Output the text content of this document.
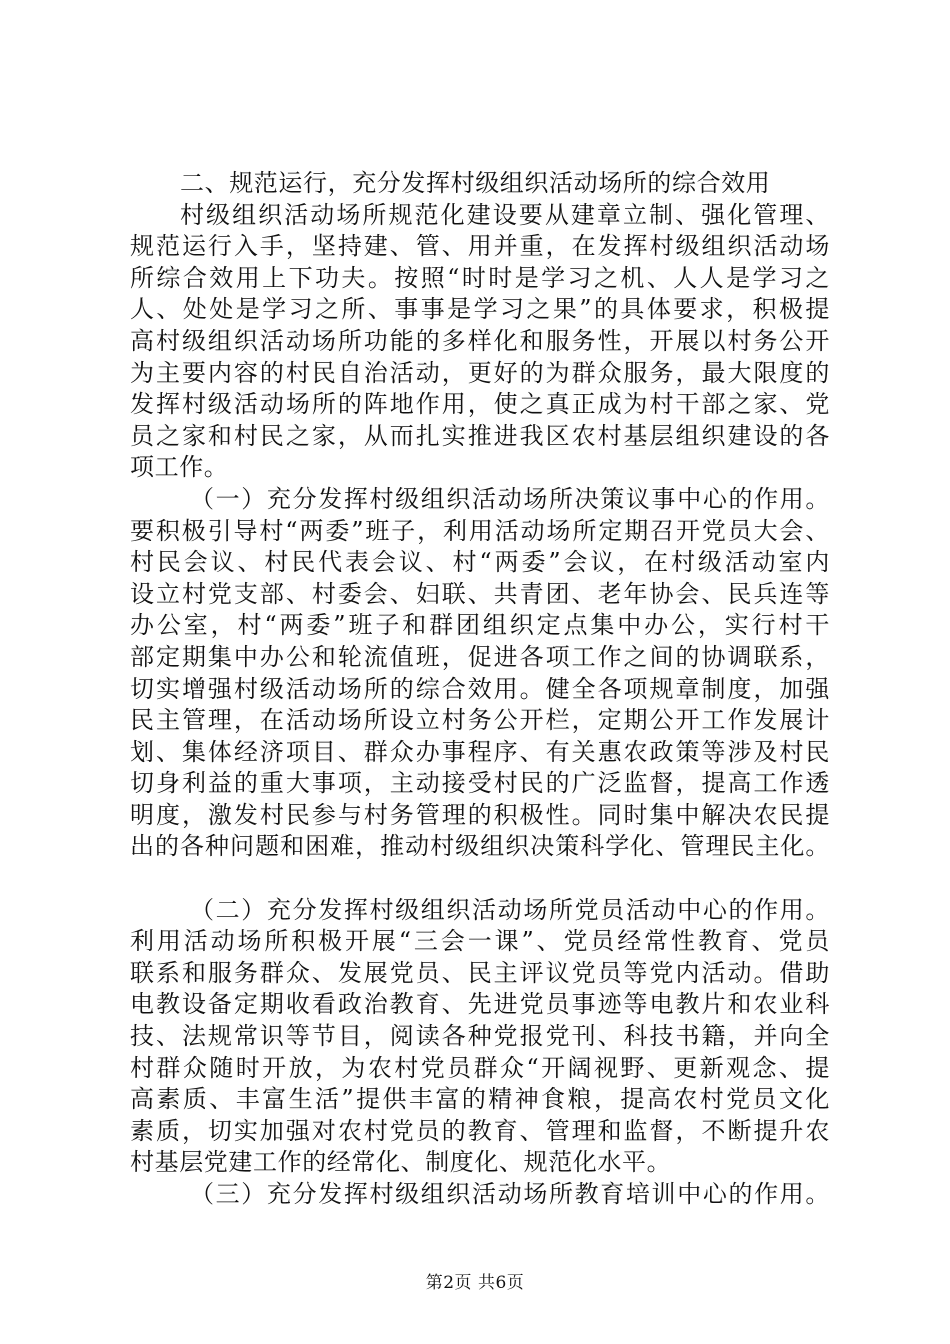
二、规范运行，充分发挥村级组织活动场所的综合效用
村级组织活动场所规范化建设要从建章立制、强化管理、
规范运行入手，坚持建、管、用并重，在发挥村级组织活动场
所综合效用上下功夫。按照“时时是学习之机、人人是学习之
人、处处是学习之所、事事是学习之果”的具体要求，积极提
高村级组织活动场所功能的多样化和服务性，开展以村务公开
为主要内容的村民自治活动，更好的为群众服务，最大限度的
发挥村级活动场所的阵地作用，使之真正成为村干部之家、党
员之家和村民之家，从而扎实推进我区农村基层组织建设的各
项工作。
（一）充分发挥村级组织活动场所决策议事中心的作用。
要积极引导村“两委”班子，利用活动场所定期召开党员大会、
村民会议、村民代表会议、村“两委”会议，在村级活动室内
设立村党支部、村委会、妇联、共青团、老年协会、民兵连等
办公室，村“两委”班子和群团组织定点集中办公，实行村干
部定期集中办公和轮流值班，促进各项工作之间的协调联系，
切实增强村级活动场所的综合效用。健全各项规章制度，加强
民主管理，在活动场所设立村务公开栏，定期公开工作发展计
划、集体经济项目、群众办事程序、有关惠农政策等涉及村民
切身利益的重大事项，主动接受村民的广泛监督，提高工作透
明度，激发村民参与村务管理的积极性。同时集中解决农民提
出的各种问题和困难，推动村级组织决策科学化、管理民主化。
（二）充分发挥村级组织活动场所党员活动中心的作用。
利用活动场所积极开展“三会一课”、党员经常性教育、党员
联系和服务群众、发展党员、民主评议党员等党内活动。借助
电教设备定期收看政治教育、先进党员事迹等电教片和农业科
技、法规常识等节目，阅读各种党报党刊、科技书籍，并向全
村群众随时开放，为农村党员群众“开阔视野、更新观念、提
高素质、丰富生活”提供丰富的精神食粮，提高农村党员文化
素质，切实加强对农村党员的教育、管理和监督，不断提升农
村基层党建工作的经常化、制度化、规范化水平。
（三）充分发挥村级组织活动场所教育培训中心的作用。
第2页 共6页
